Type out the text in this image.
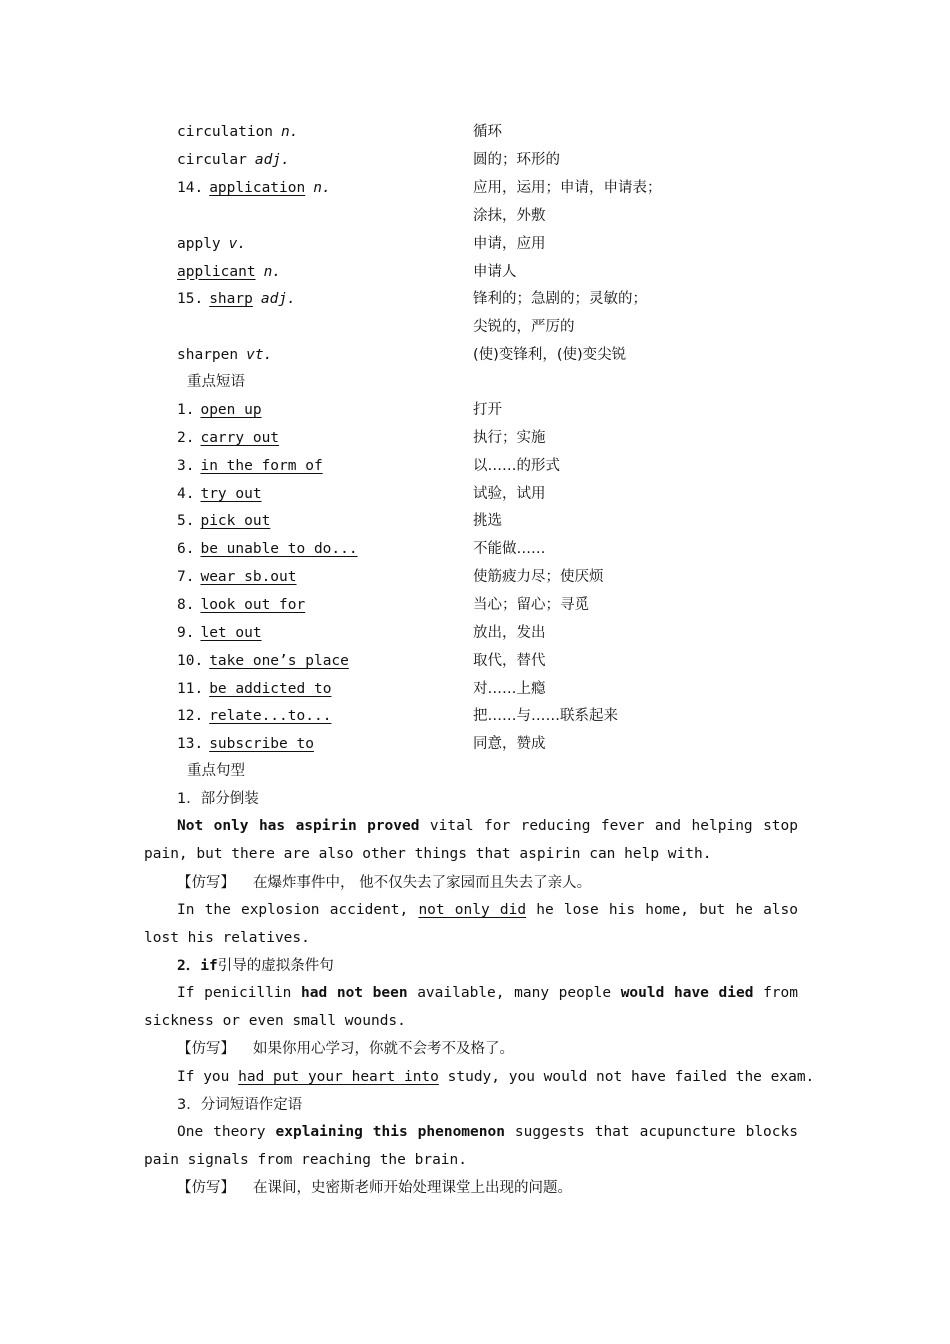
circulation n.	循环
circular adj.	圆的；环形的
14. application n.	应用，运用；申请，申请表；
涂抹，外敷
apply v.	申请，应用
applicant n.	申请人
15. sharp adj.	锋利的；急剧的；灵敏的；
尖锐的，严厉的
sharpen vt.	(使)变锋利，(使)变尖锐
重点短语
1. open up	打开
2. carry out	执行；实施
3. in the form of	以……的形式
4. try out	试验，试用
5. pick out	挑选
6. be unable to do...	不能做……
7. wear sb.out	使筋疲力尽；使厌烦
8. look out for	当心；留心；寻觅
9. let out	放出，发出
10. take one’s place	取代，替代
11. be addicted to	对……上瘾
12. relate...to...	把……与……联系起来
13. subscribe to	同意，赞成
重点句型
1．部分倒装
Not only has aspirin proved vital for reducing fever and helping stop
pain, but there are also other things that aspirin can help with.
【仿写】 在爆炸事件中， 他不仅失去了家园而且失去了亲人。
In the explosion accident, not only did he lose his home, but he also
lost his relatives.
2．if引导的虚拟条件句
If penicillin had not been available, many people would have died from
sickness or even small wounds.
【仿写】 如果你用心学习，你就不会考不及格了。
If you had put your heart into study, you would not have failed the exam.
3．分词短语作定语
One theory explaining this phenomenon suggests that acupuncture blocks
pain signals from reaching the brain.
【仿写】 在课间，史密斯老师开始处理课堂上出现的问题。
